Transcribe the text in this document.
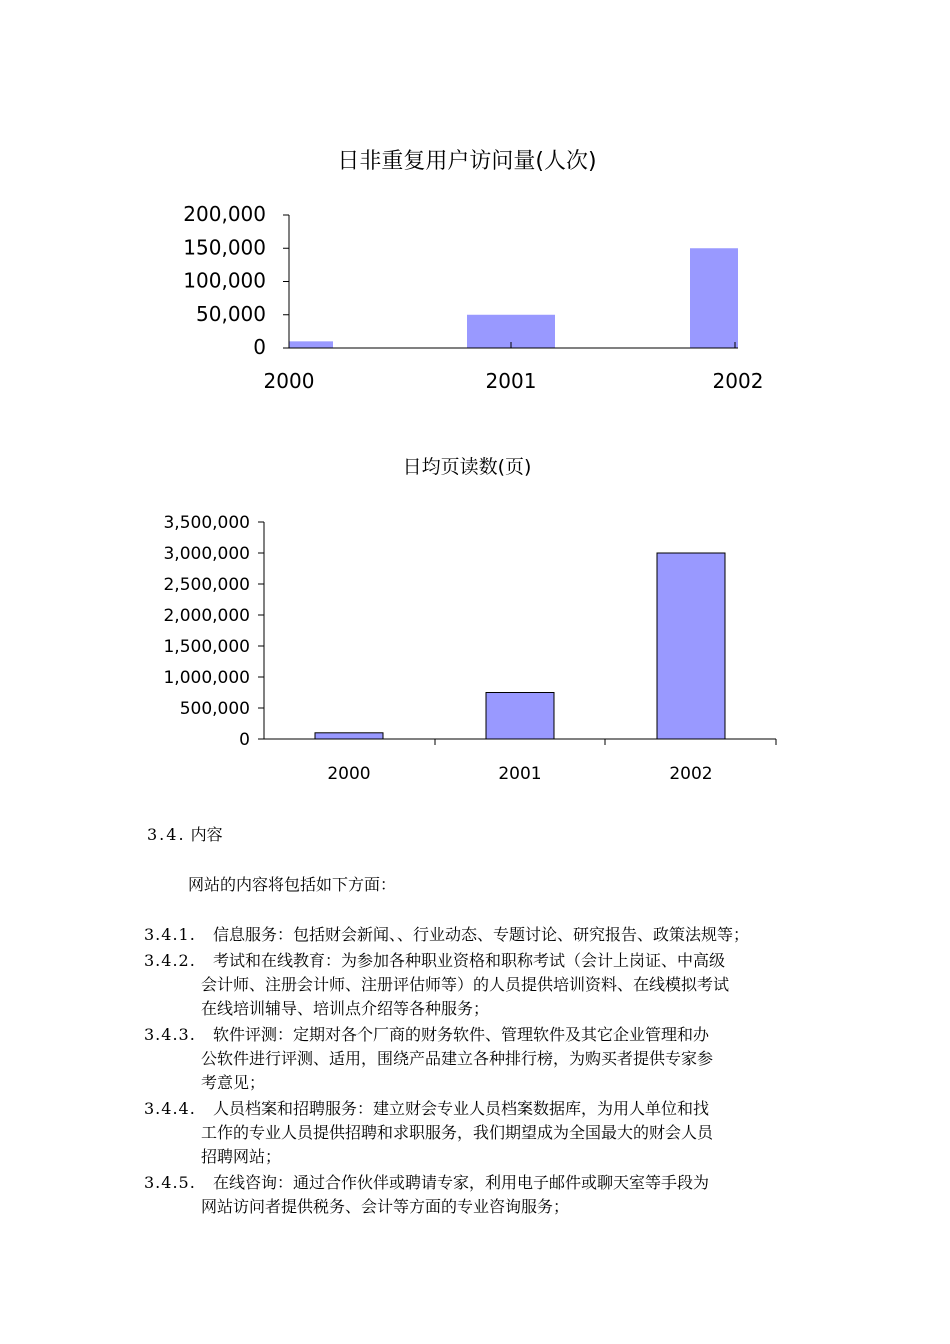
日非重复用户访问量(人次)
200,000
150,000
100,000
50,000
0
2000	2001	2002
日均页读数(页)
3,500,000
3,000,000
2,500,000
2,000,000
1,500,000
1,000,000
500,000
0
2000	2001	2002
3.4. 内容
网站的内容将包括如下方面：
3.4.1.	信息服务：包括财会新闻、、行业动态、专题讨论、研究报告、政策法规等；
3.4.2.	考试和在线教育：为参加各种职业资格和职称考试（会计上岗证、中高级
会计师、注册会计师、注册评估师等）的人员提供培训资料、在线模拟考试
在线培训辅导、培训点介绍等各种服务；
3.4.3.	软件评测：定期对各个厂商的财务软件、管理软件及其它企业管理和办
公软件进行评测、适用，围绕产品建立各种排行榜，为购买者提供专家参
考意见；
3.4.4.	人员档案和招聘服务：建立财会专业人员档案数据库，为用人单位和找
工作的专业人员提供招聘和求职服务，我们期望成为全国最大的财会人员
招聘网站；
3.4.5.	在线咨询：通过合作伙伴或聘请专家，利用电子邮件或聊天室等手段为
网站访问者提供税务、会计等方面的专业咨询服务；
